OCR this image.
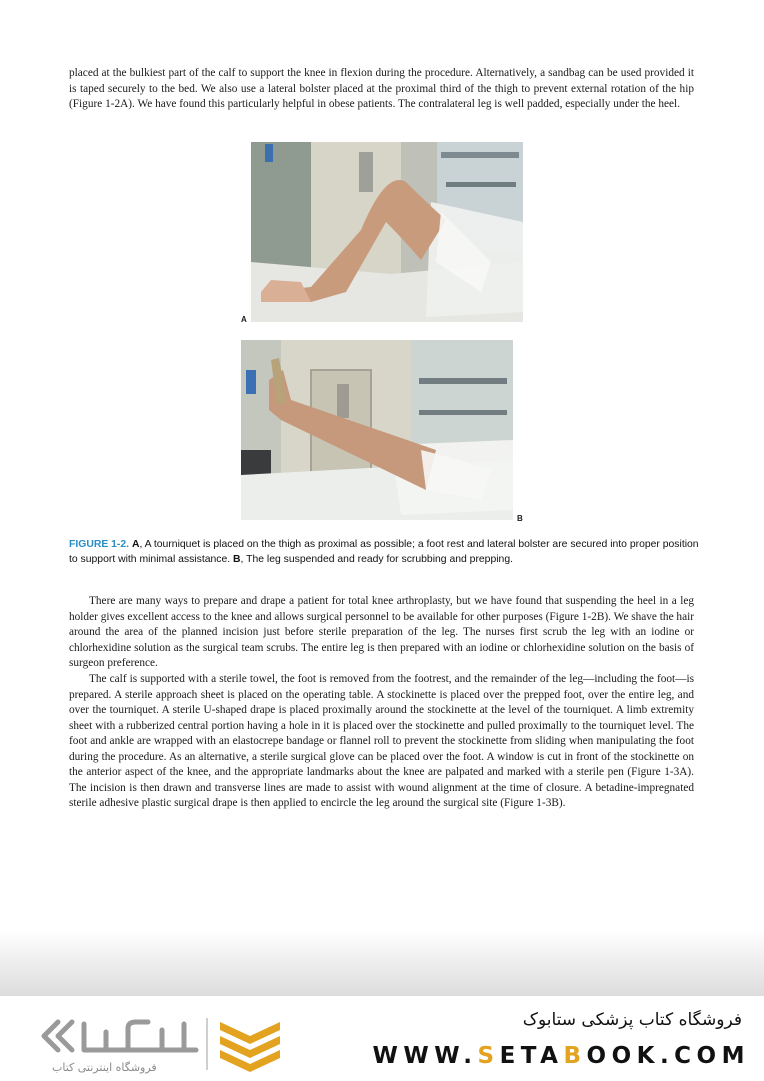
placed at the bulkiest part of the calf to support the knee in flexion during the procedure. Alternatively, a sandbag can be used provided it is taped securely to the bed. We also use a lateral bolster placed at the proximal third of the thigh to prevent external rotation of the hip (Figure 1-2A). We have found this particularly helpful in obese patients. The contralateral leg is well padded, especially under the heel.

A
B

FIGURE 1-2. A, A tourniquet is placed on the thigh as proximal as possible; a foot rest and lateral bolster are secured into proper position to support with minimal assistance. B, The leg suspended and ready for scrubbing and prepping.

There are many ways to prepare and drape a patient for total knee arthroplasty, but we have found that suspending the heel in a leg holder gives excellent access to the knee and allows surgical personnel to be available for other purposes (Figure 1-2B). We shave the hair around the area of the planned incision just before sterile preparation of the leg. The nurses first scrub the leg with an iodine or chlorhexidine solution as the surgical team scrubs. The entire leg is then prepared with an iodine or chlorhexidine solution on the basis of surgeon preference.

The calf is supported with a sterile towel, the foot is removed from the footrest, and the remainder of the leg—including the foot—is prepared. A sterile approach sheet is placed on the operating table. A stockinette is placed over the prepped foot, over the entire leg, and over the tourniquet. A sterile U-shaped drape is placed proximally around the stockinette at the level of the tourniquet. A limb extremity sheet with a rubberized central portion having a hole in it is placed over the stockinette and pulled proximally to the tourniquet level. The foot and ankle are wrapped with an elastocrepe bandage or flannel roll to prevent the stockinette from sliding when manipulating the foot during the procedure. As an alternative, a sterile surgical glove can be placed over the foot. A window is cut in front of the stockinette on the anterior aspect of the knee, and the appropriate landmarks about the knee are palpated and marked with a sterile pen (Figure 1-3A). The incision is then drawn and transverse lines are made to assist with wound alignment at the time of closure. A betadine-impregnated sterile adhesive plastic surgical drape is then applied to encircle the leg around the surgical site (Figure 1-3B).

فروشگاه اینترنتی کتاب
فروشگاه کتاب پزشکی ستابوک
WWW.SETABOOK.COM
